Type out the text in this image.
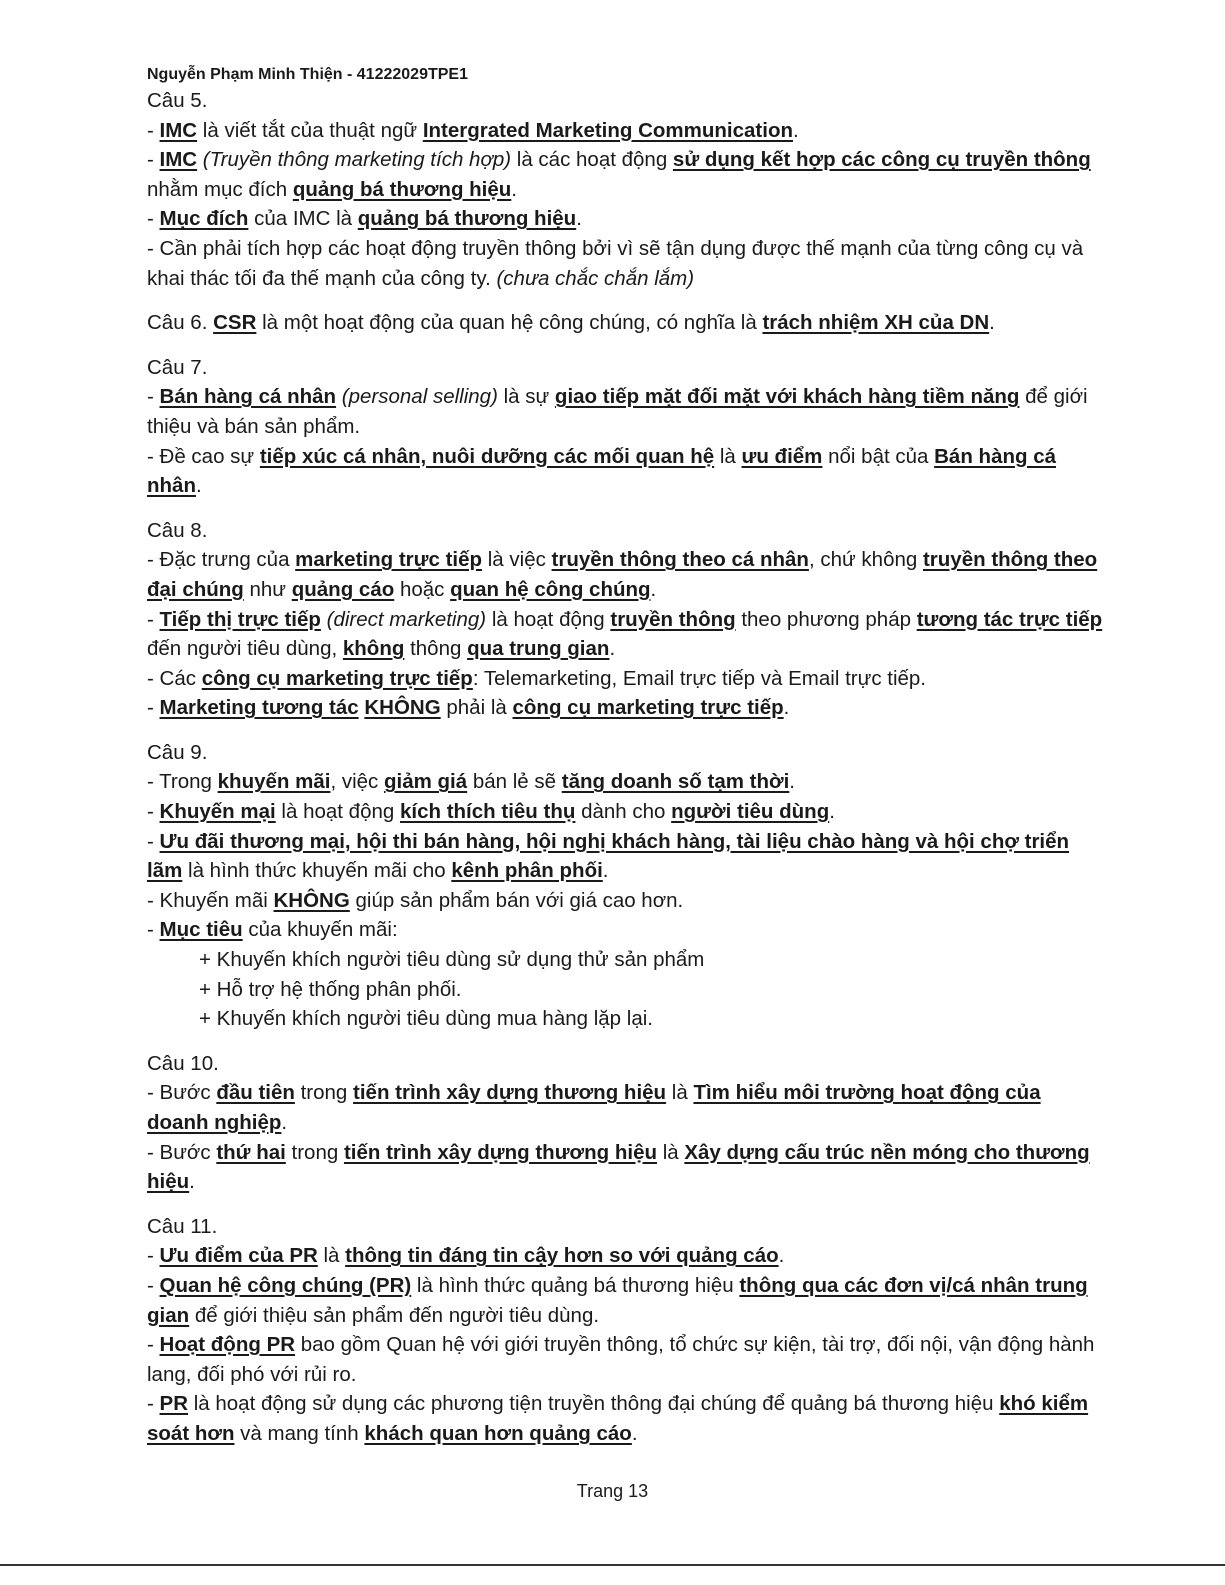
Nguyễn Phạm Minh Thiện - 41222029TPE1

Câu 5.

- IMC là viết tắt của thuật ngữ Intergrated Marketing Communication.

- IMC (Truyền thông marketing tích hợp) là các hoạt động sử dụng kết hợp các công cụ truyền thông nhằm mục đích quảng bá thương hiệu.

- Mục đích của IMC là quảng bá thương hiệu.

- Cần phải tích hợp các hoạt động truyền thông bởi vì sẽ tận dụng được thế mạnh của từng công cụ và khai thác tối đa thế mạnh của công ty. (chưa chắc chắn lắm)

Câu 6. CSR là một hoạt động của quan hệ công chúng, có nghĩa là trách nhiệm XH của DN.

Câu 7.

- Bán hàng cá nhân (personal selling) là sự giao tiếp mặt đối mặt với khách hàng tiềm năng để giới thiệu và bán sản phẩm.

- Đề cao sự tiếp xúc cá nhân, nuôi dưỡng các mối quan hệ là ưu điểm nổi bật của Bán hàng cá nhân.

Câu 8.

- Đặc trưng của marketing trực tiếp là việc truyền thông theo cá nhân, chứ không truyền thông theo đại chúng như quảng cáo hoặc quan hệ công chúng.

- Tiếp thị trực tiếp (direct marketing) là hoạt động truyền thông theo phương pháp tương tác trực tiếp đến người tiêu dùng, không thông qua trung gian.

- Các công cụ marketing trực tiếp: Telemarketing, Email trực tiếp và Email trực tiếp.

- Marketing tương tác KHÔNG phải là công cụ marketing trực tiếp.

Câu 9.

- Trong khuyến mãi, việc giảm giá bán lẻ sẽ tăng doanh số tạm thời.

- Khuyến mại là hoạt động kích thích tiêu thụ dành cho người tiêu dùng.

- Ưu đãi thương mại, hội thi bán hàng, hội nghị khách hàng, tài liệu chào hàng và hội chợ triển lãm là hình thức khuyến mãi cho kênh phân phối.

- Khuyến mãi KHÔNG giúp sản phẩm bán với giá cao hơn.

- Mục tiêu của khuyến mãi:

+ Khuyến khích người tiêu dùng sử dụng thử sản phẩm

+ Hỗ trợ hệ thống phân phối.

+ Khuyến khích người tiêu dùng mua hàng lặp lại.

Câu 10.

- Bước đầu tiên trong tiến trình xây dựng thương hiệu là Tìm hiểu môi trường hoạt động của doanh nghiệp.

- Bước thứ hai trong tiến trình xây dựng thương hiệu là Xây dựng cấu trúc nền móng cho thương hiệu.

Câu 11.

- Ưu điểm của PR là thông tin đáng tin cậy hơn so với quảng cáo.

- Quan hệ công chúng (PR) là hình thức quảng bá thương hiệu thông qua các đơn vị/cá nhân trung gian để giới thiệu sản phẩm đến người tiêu dùng.

- Hoạt động PR bao gồm Quan hệ với giới truyền thông, tổ chức sự kiện, tài trợ, đối nội, vận động hành lang, đối phó với rủi ro.

- PR là hoạt động sử dụng các phương tiện truyền thông đại chúng để quảng bá thương hiệu khó kiểm soát hơn và mang tính khách quan hơn quảng cáo.

Trang 13
